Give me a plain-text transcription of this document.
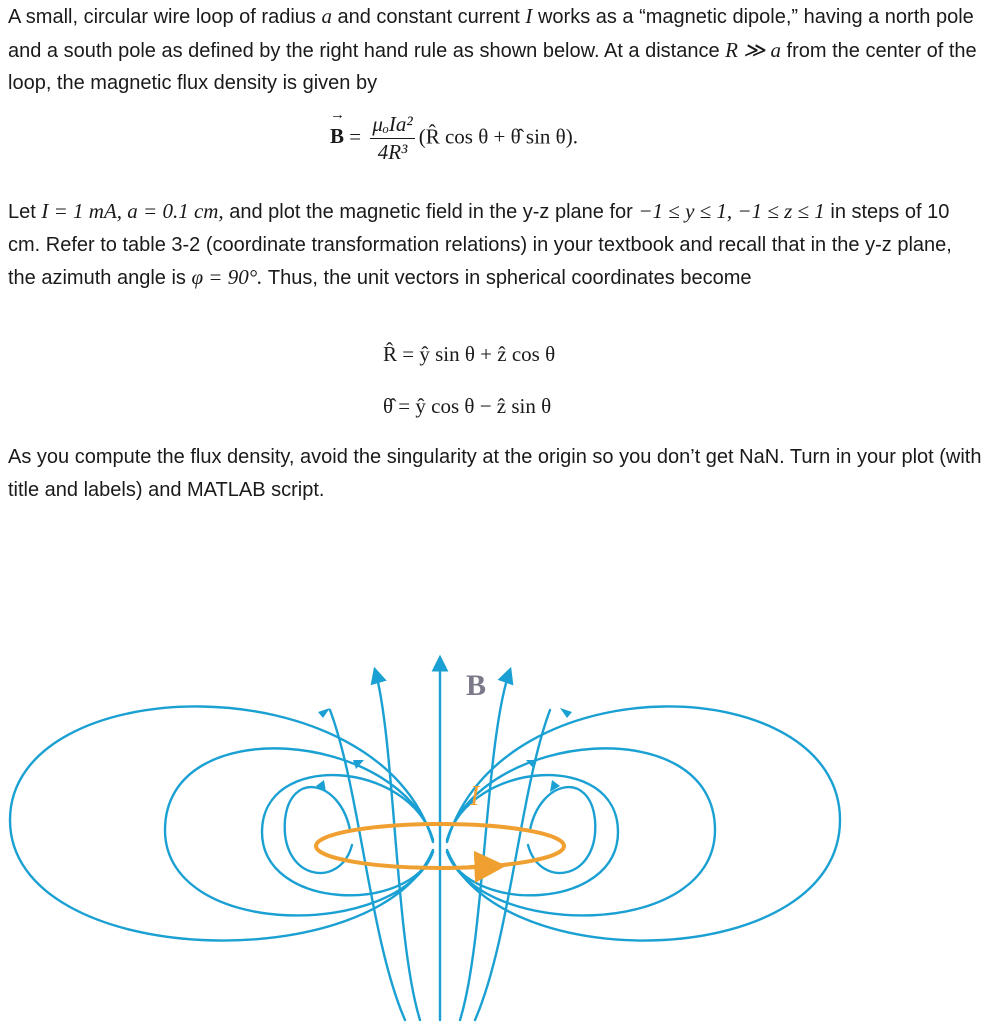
A small, circular wire loop of radius a and constant current I works as a “magnetic dipole,” having a north pole and a south pole as defined by the right hand rule as shown below. At a distance R ≫ a from the center of the loop, the magnetic flux density is given by

→ $B = \frac{\text{μₒIa²}}{\text{4R³}}$ (R̂ cos θ + θ̂ sin θ).

Let I = 1 mA, a = 0.1 cm, and plot the magnetic field in the y-z plane for −1 ≤ y ≤ 1, −1 ≤ z ≤ 1 in steps of 10 cm. Refer to table 3-2 (coordinate transformation relations) in your textbook and recall that in the y-z plane, the azimuth angle is φ = 90°. Thus, the unit vectors in spherical coordinates become

R̂ = ŷ sin θ + ẑ cos θ
θ̂ = ŷ cos θ − ẑ sin θ

As you compute the flux density, avoid the singularity at the origin so you don’t get NaN. Turn in your plot (with title and labels) and MATLAB script.

B
I
